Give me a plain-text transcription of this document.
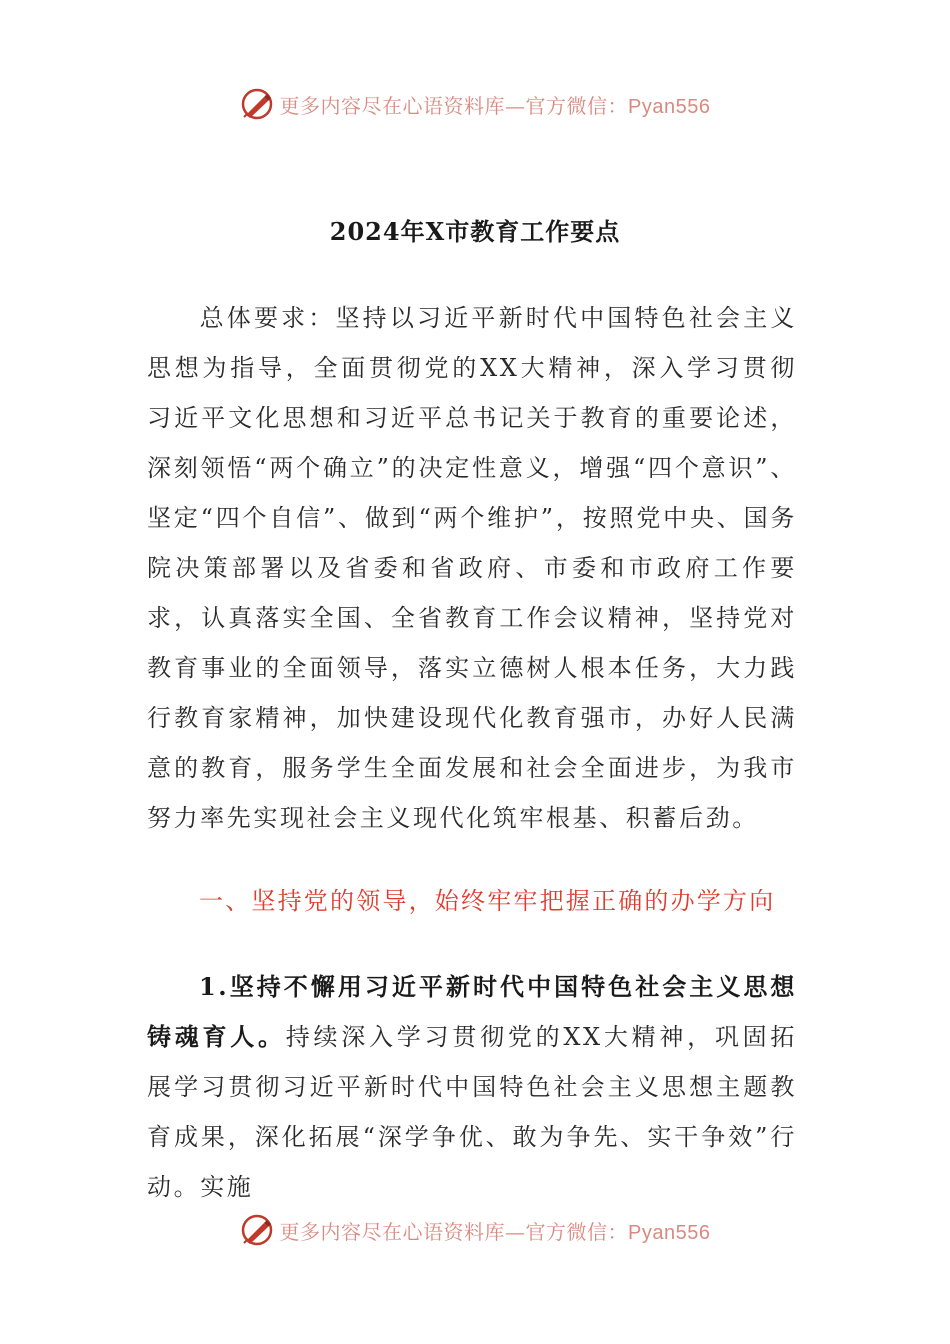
更多内容尽在心语资料库—官方微信：Pyan556
2024年X市教育工作要点
总体要求：坚持以习近平新时代中国特色社会主义思想为指导，全面贯彻党的XX大精神，深入学习贯彻习近平文化思想和习近平总书记关于教育的重要论述，深刻领悟“两个确立”的决定性意义，增强“四个意识”、坚定“四个自信”、做到“两个维护”，按照党中央、国务院决策部署以及省委和省政府、市委和市政府工作要求，认真落实全国、全省教育工作会议精神，坚持党对教育事业的全面领导，落实立德树人根本任务，大力践行教育家精神，加快建设现代化教育强市，办好人民满意的教育，服务学生全面发展和社会全面进步，为我市努力率先实现社会主义现代化筑牢根基、积蓄后劲。
一、坚持党的领导，始终牢牢把握正确的办学方向
1.坚持不懈用习近平新时代中国特色社会主义思想铸魂育人。持续深入学习贯彻党的XX大精神，巩固拓展学习贯彻习近平新时代中国特色社会主义思想主题教育成果，深化拓展“深学争优、敢为争先、实干争效”行动。实施
更多内容尽在心语资料库—官方微信：Pyan556
